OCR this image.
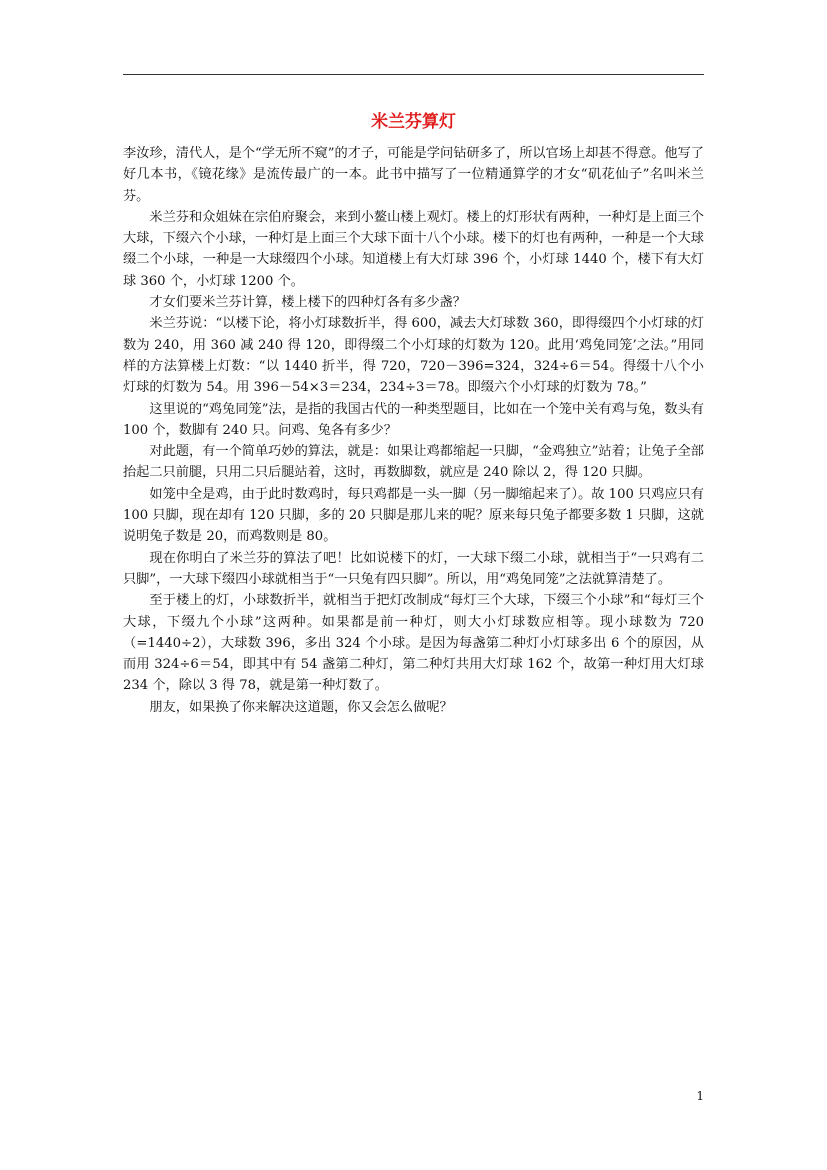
米兰芬算灯

李汝珍，清代人，是个“学无所不窥”的才子，可能是学问钻研多了，所以官场上却甚不得意。他写了好几本书，《镜花缘》是流传最广的一本。此书中描写了一位精通算学的才女“矶花仙子”名叫米兰芬。

米兰芬和众姐妹在宗伯府聚会，来到小鳌山楼上观灯。楼上的灯形状有两种，一种灯是上面三个大球，下缀六个小球，一种灯是上面三个大球下面十八个小球。楼下的灯也有两种，一种是一个大球缀二个小球，一种是一大球缀四个小球。知道楼上有大灯球 396 个，小灯球 1440 个，楼下有大灯球 360 个，小灯球 1200 个。

才女们要米兰芬计算，楼上楼下的四种灯各有多少盏？

米兰芬说：“以楼下论，将小灯球数折半，得 600，减去大灯球数 360，即得缀四个小灯球的灯数为 240，用 360 减 240 得 120，即得缀二个小灯球的灯数为 120。此用‘鸡兔同笼’之法。”用同样的方法算楼上灯数：“以 1440 折半，得 720，720－396=324，324÷6＝54。得缀十八个小灯球的灯数为 54。用 396－54×3＝234，234÷3＝78。即缀六个小灯球的灯数为 78。”

这里说的“鸡兔同笼”法，是指的我国古代的一种类型题目，比如在一个笼中关有鸡与兔，数头有 100 个，数脚有 240 只。问鸡、兔各有多少？

对此题，有一个简单巧妙的算法，就是：如果让鸡都缩起一只脚，“金鸡独立”站着；让兔子全部抬起二只前腿，只用二只后腿站着，这时，再数脚数，就应是 240 除以 2，得 120 只脚。

如笼中全是鸡，由于此时数鸡时，每只鸡都是一头一脚（另一脚缩起来了）。故 100 只鸡应只有 100 只脚，现在却有 120 只脚，多的 20 只脚是那儿来的呢？原来每只兔子都要多数 1 只脚，这就说明兔子数是 20，而鸡数则是 80。

现在你明白了米兰芬的算法了吧！比如说楼下的灯，一大球下缀二小球，就相当于“一只鸡有二只脚”，一大球下缀四小球就相当于“一只兔有四只脚”。所以，用“鸡兔同笼”之法就算清楚了。

至于楼上的灯，小球数折半，就相当于把灯改制成“每灯三个大球，下缀三个小球”和“每灯三个大球，下缀九个小球”这两种。如果都是前一种灯，则大小灯球数应相等。现小球数为 720（=1440÷2），大球数 396，多出 324 个小球。是因为每盏第二种灯小灯球多出 6 个的原因，从而用 324÷6＝54，即其中有 54 盏第二种灯，第二种灯共用大灯球 162 个，故第一种灯用大灯球 234 个，除以 3 得 78，就是第一种灯数了。

朋友，如果换了你来解决这道题，你又会怎么做呢？

1
